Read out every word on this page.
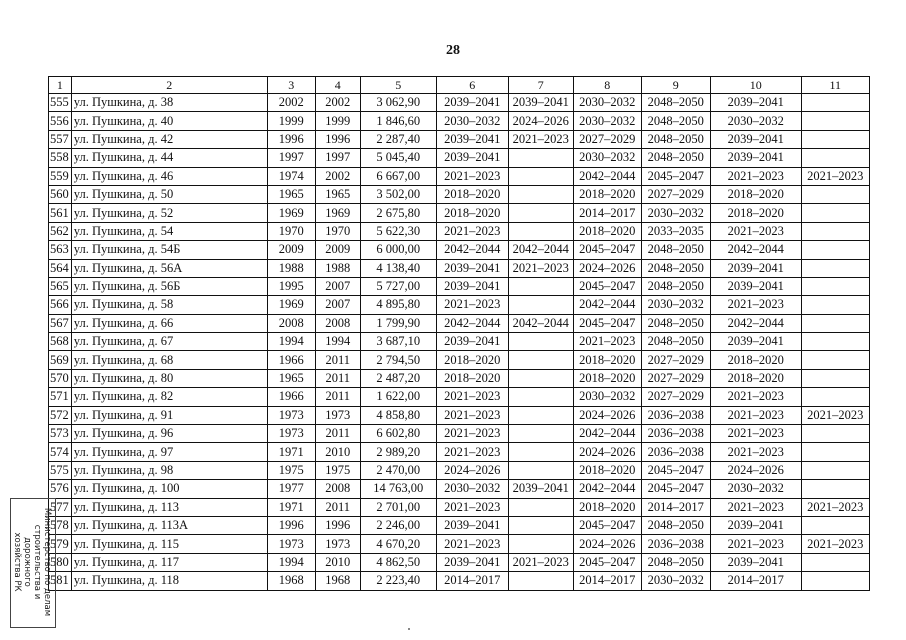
28
1	2	3	4	5	6	7	8	9	10	11
555	ул. Пушкина, д. 38	2002	2002	3 062,90	2039–2041	2039–2041	2030–2032	2048–2050	2039–2041	
556	ул. Пушкина, д. 40	1999	1999	1 846,60	2030–2032	2024–2026	2030–2032	2048–2050	2030–2032	
557	ул. Пушкина, д. 42	1996	1996	2 287,40	2039–2041	2021–2023	2027–2029	2048–2050	2039–2041	
558	ул. Пушкина, д. 44	1997	1997	5 045,40	2039–2041		2030–2032	2048–2050	2039–2041	
559	ул. Пушкина, д. 46	1974	2002	6 667,00	2021–2023		2042–2044	2045–2047	2021–2023	2021–2023
560	ул. Пушкина, д. 50	1965	1965	3 502,00	2018–2020		2018–2020	2027–2029	2018–2020	
561	ул. Пушкина, д. 52	1969	1969	2 675,80	2018–2020		2014–2017	2030–2032	2018–2020	
562	ул. Пушкина, д. 54	1970	1970	5 622,30	2021–2023		2018–2020	2033–2035	2021–2023	
563	ул. Пушкина, д. 54Б	2009	2009	6 000,00	2042–2044	2042–2044	2045–2047	2048–2050	2042–2044	
564	ул. Пушкина, д. 56А	1988	1988	4 138,40	2039–2041	2021–2023	2024–2026	2048–2050	2039–2041	
565	ул. Пушкина, д. 56Б	1995	2007	5 727,00	2039–2041		2045–2047	2048–2050	2039–2041	
566	ул. Пушкина, д. 58	1969	2007	4 895,80	2021–2023		2042–2044	2030–2032	2021–2023	
567	ул. Пушкина, д. 66	2008	2008	1 799,90	2042–2044	2042–2044	2045–2047	2048–2050	2042–2044	
568	ул. Пушкина, д. 67	1994	1994	3 687,10	2039–2041		2021–2023	2048–2050	2039–2041	
569	ул. Пушкина, д. 68	1966	2011	2 794,50	2018–2020		2018–2020	2027–2029	2018–2020	
570	ул. Пушкина, д. 80	1965	2011	2 487,20	2018–2020		2018–2020	2027–2029	2018–2020	
571	ул. Пушкина, д. 82	1966	2011	1 622,00	2021–2023		2030–2032	2027–2029	2021–2023	
572	ул. Пушкина, д. 91	1973	1973	4 858,80	2021–2023		2024–2026	2036–2038	2021–2023	2021–2023
573	ул. Пушкина, д. 96	1973	2011	6 602,80	2021–2023		2042–2044	2036–2038	2021–2023	
574	ул. Пушкина, д. 97	1971	2010	2 989,20	2021–2023		2024–2026	2036–2038	2021–2023	
575	ул. Пушкина, д. 98	1975	1975	2 470,00	2024–2026		2018–2020	2045–2047	2024–2026	
576	ул. Пушкина, д. 100	1977	2008	14 763,00	2030–2032	2039–2041	2042–2044	2045–2047	2030–2032	
577	ул. Пушкина, д. 113	1971	2011	2 701,00	2021–2023		2018–2020	2014–2017	2021–2023	2021–2023
578	ул. Пушкина, д. 113А	1996	1996	2 246,00	2039–2041		2045–2047	2048–2050	2039–2041	
579	ул. Пушкина, д. 115	1973	1973	4 670,20	2021–2023		2024–2026	2036–2038	2021–2023	2021–2023
580	ул. Пушкина, д. 117	1994	2010	4 862,50	2039–2041	2021–2023	2045–2047	2048–2050	2039–2041	
581	ул. Пушкина, д. 118	1968	1968	2 223,40	2014–2017		2014–2017	2030–2032	2014–2017	
Министерство по делам
строительства и дорожного
хозяйства РК
